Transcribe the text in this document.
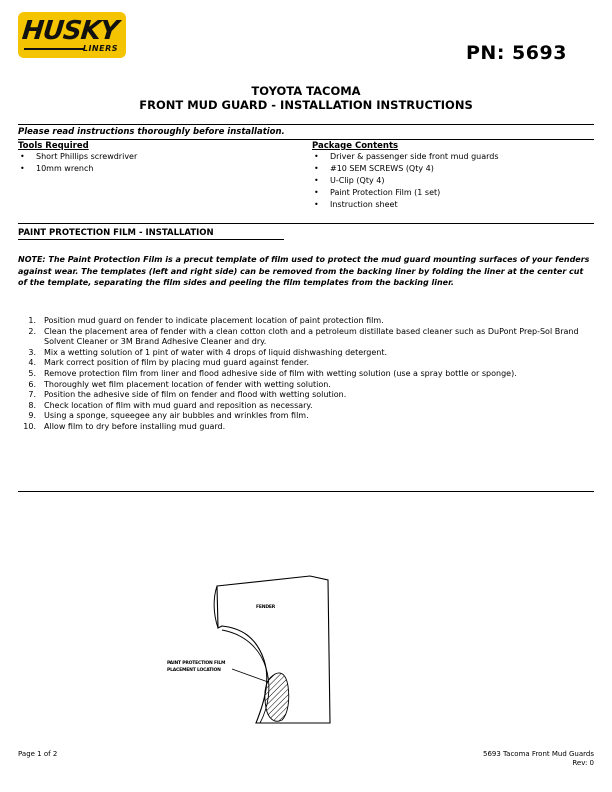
HUSKY
LINERS	PN: 5693
TOYOTA TACOMA
FRONT MUD GUARD - INSTALLATION INSTRUCTIONS
Please read instructions thoroughly before installation.
Tools Required
• Short Phillips screwdriver
• 10mm wrench
Package Contents
• Driver & passenger side front mud guards
• #10 SEM SCREWS (Qty 4)
• U-Clip (Qty 4)
• Paint Protection Film (1 set)
• Instruction sheet
PAINT PROTECTION FILM - INSTALLATION
NOTE: The Paint Protection Film is a precut template of film used to protect the mud guard mounting surfaces of your fenders against wear. The templates (left and right side) can be removed from the backing liner by folding the liner at the center cut of the template, separating the film sides and peeling the film templates from the backing liner.
1.	Position mud guard on fender to indicate placement location of paint protection film.
2.	Clean the placement area of fender with a clean cotton cloth and a petroleum distillate based cleaner such as DuPont Prep-Sol Brand Solvent Cleaner or 3M Brand Adhesive Cleaner and dry.
3.	Mix a wetting solution of 1 pint of water with 4 drops of liquid dishwashing detergent.
4.	Mark correct position of film by placing mud guard against fender.
5.	Remove protection film from liner and flood adhesive side of film with wetting solution (use a spray bottle or sponge).
6.	Thoroughly wet film placement location of fender with wetting solution.
7.	Position the adhesive side of film on fender and flood with wetting solution.
8.	Check location of film with mud guard and reposition as necessary.
9.	Using a sponge, squeegee any air bubbles and wrinkles from film.
10.	Allow film to dry before installing mud guard.
FENDER
PAINT PROTECTION FILM
PLACEMENT LOCATION
Page 1 of 2	5693 Tacoma Front Mud Guards
Rev: 0
